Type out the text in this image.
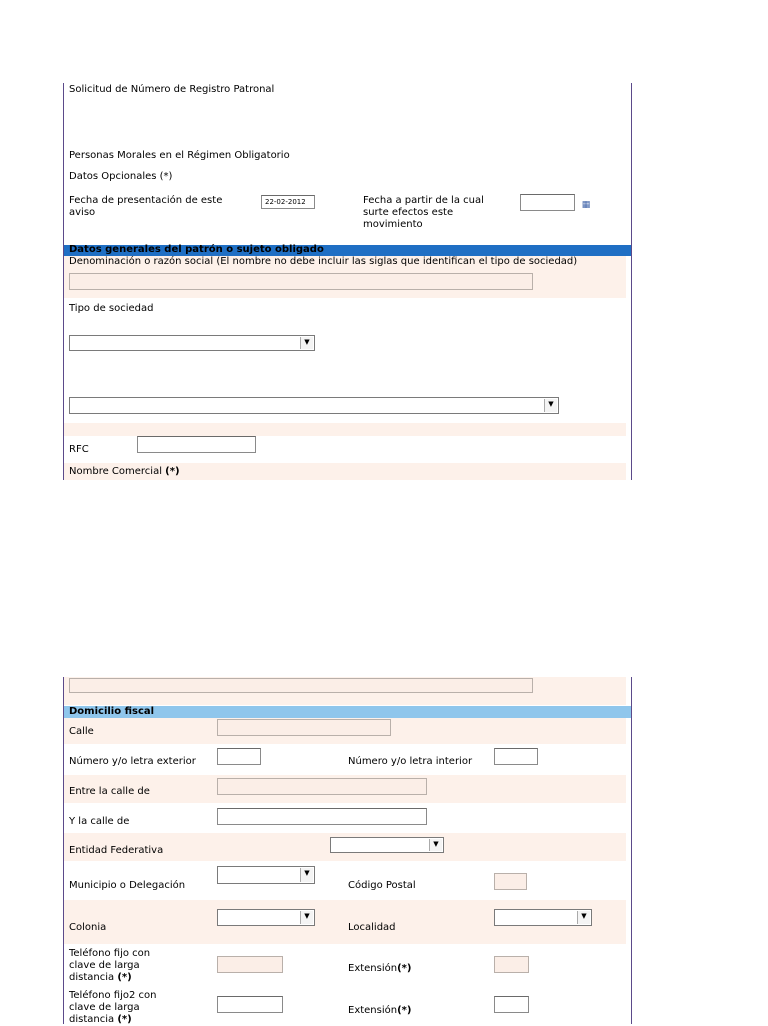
Solicitud de Número de Registro Patronal
Personas Morales en el Régimen Obligatorio
Datos Opcionales (*)
Fecha de presentación de este aviso
22-02-2012
Fecha a partir de la cual surte efectos este movimiento
▦
Datos generales del patrón o sujeto obligado
Denominación o razón social (El nombre no debe incluir las siglas que identifican el tipo de sociedad)
Tipo de sociedad
▼
▼
RFC
Nombre Comercial (*)
Domicilio fiscal
Calle
Número y/o letra exterior	Número y/o letra interior
Entre la calle de
Y la calle de
Entidad Federativa
▼
Municipio o Delegación
▼
Código Postal
Colonia
▼
Localidad
▼
Teléfono fijo con clave de larga distancia (*)
Extensión(*)
Teléfono fijo2 con clave de larga distancia (*)
Extensión(*)
